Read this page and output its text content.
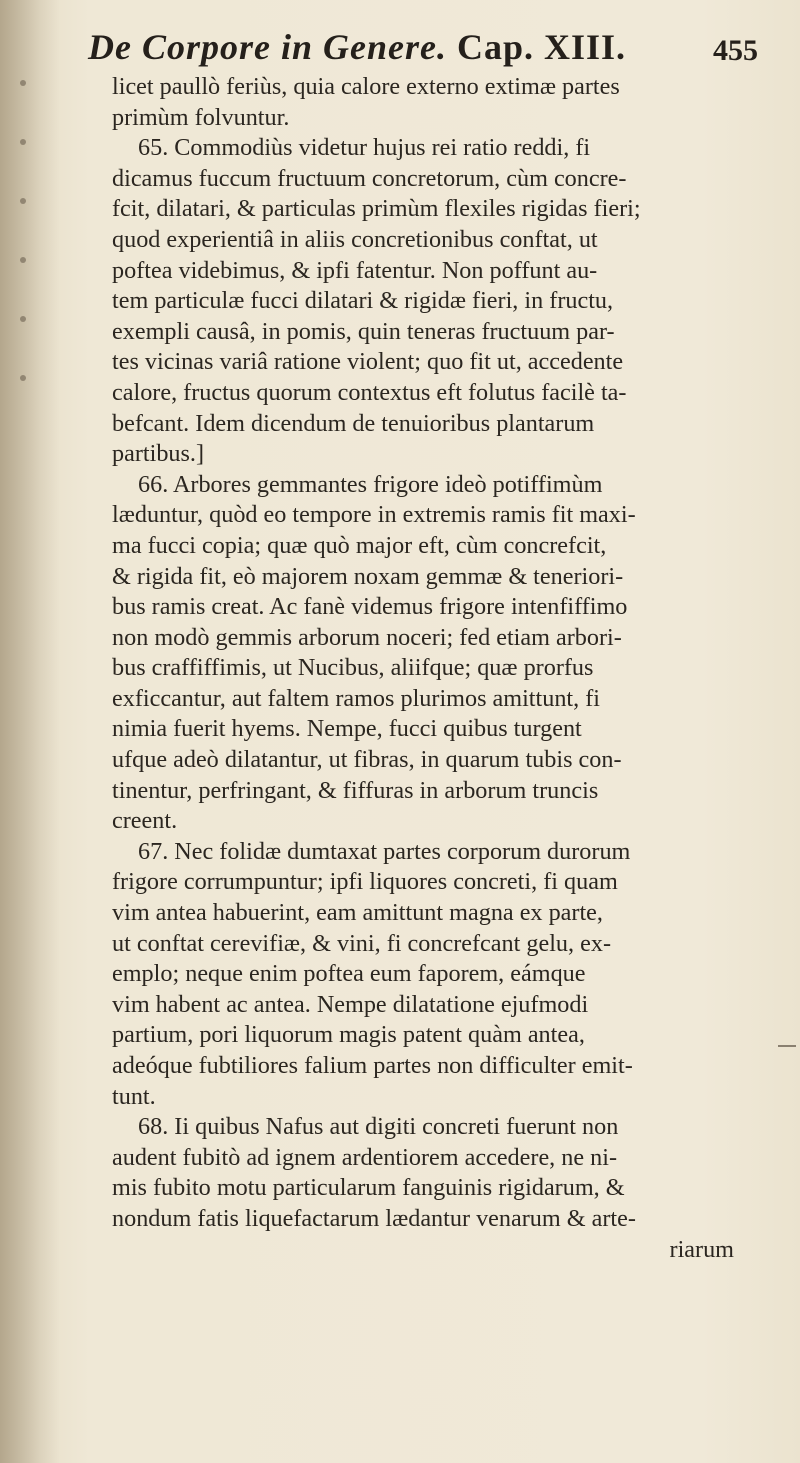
De Corpore in Genere. Cap. XIII.	455
licet paullò feriùs, quia calore externo extimæ partes
primùm folvuntur.
65. Commodiùs videtur hujus rei ratio reddi, fi
dicamus fuccum fructuum concretorum, cùm concre-
fcit, dilatari, & particulas primùm flexiles rigidas fieri;
quod experientiâ in aliis concretionibus conftat, ut
poftea videbimus, & ipfi fatentur. Non poffunt au-
tem particulæ fucci dilatari & rigidæ fieri, in fructu,
exempli causâ, in pomis, quin teneras fructuum par-
tes vicinas variâ ratione violent; quo fit ut, accedente
calore, fructus quorum contextus eft folutus facilè ta-
befcant. Idem dicendum de tenuioribus plantarum
partibus.]
66. Arbores gemmantes frigore ideò potiffimùm
læduntur, quòd eo tempore in extremis ramis fit maxi-
ma fucci copia; quæ quò major eft, cùm concrefcit,
& rigida fit, eò majorem noxam gemmæ & teneriori-
bus ramis creat. Ac fanè videmus frigore intenfiffimo
non modò gemmis arborum noceri; fed etiam arbori-
bus craffiffimis, ut Nucibus, aliifque; quæ prorfus
exficcantur, aut faltem ramos plurimos amittunt, fi
nimia fuerit hyems. Nempe, fucci quibus turgent
ufque adeò dilatantur, ut fibras, in quarum tubis con-
tinentur, perfringant, & fiffuras in arborum truncis
creent.
67. Nec folidæ dumtaxat partes corporum durorum
frigore corrumpuntur; ipfi liquores concreti, fi quam
vim antea habuerint, eam amittunt magna ex parte,
ut conftat cerevifiæ, & vini, fi concrefcant gelu, ex-
emplo; neque enim poftea eum faporem, eámque
vim habent ac antea. Nempe dilatatione ejufmodi
partium, pori liquorum magis patent quàm antea,
adeóque fubtiliores falium partes non difficulter emit-
tunt.
68. Ii quibus Nafus aut digiti concreti fuerunt non
audent fubitò ad ignem ardentiorem accedere, ne ni-
mis fubito motu particularum fanguinis rigidarum, &
nondum fatis liquefactarum lædantur venarum & arte-
riarum
